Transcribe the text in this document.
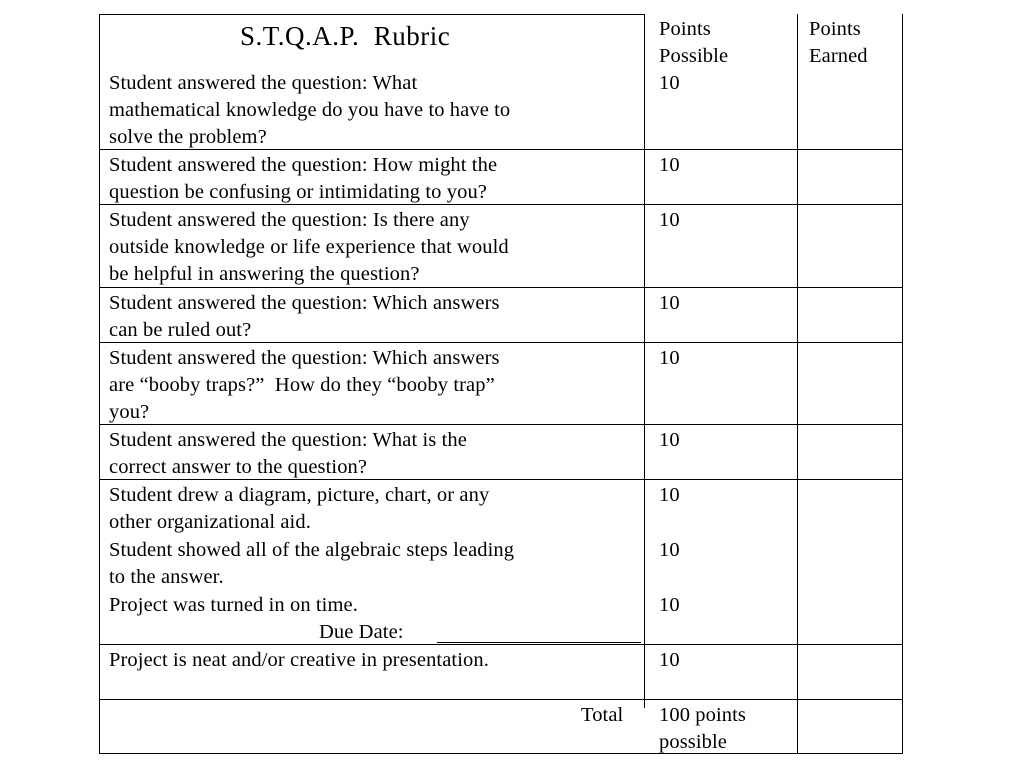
S.T.Q.A.P.  Rubric	Points
Possible
Points
Earned
Student answered the question: What
mathematical knowledge do you have to have to
solve the problem?
10
Student answered the question: How might the
question be confusing or intimidating to you?
10
Student answered the question: Is there any
outside knowledge or life experience that would
be helpful in answering the question?
10
Student answered the question: Which answers
can be ruled out?
10
Student answered the question: Which answers
are “booby traps?”  How do they “booby trap”
you?
10
Student answered the question: What is the
correct answer to the question?
10
Student drew a diagram, picture, chart, or any
other organizational aid.
10
Student showed all of the algebraic steps leading
to the answer.
10
Project was turned in on time.
Due Date:
10
Project is neat and/or creative in presentation.	10
Total 100 points
possible
